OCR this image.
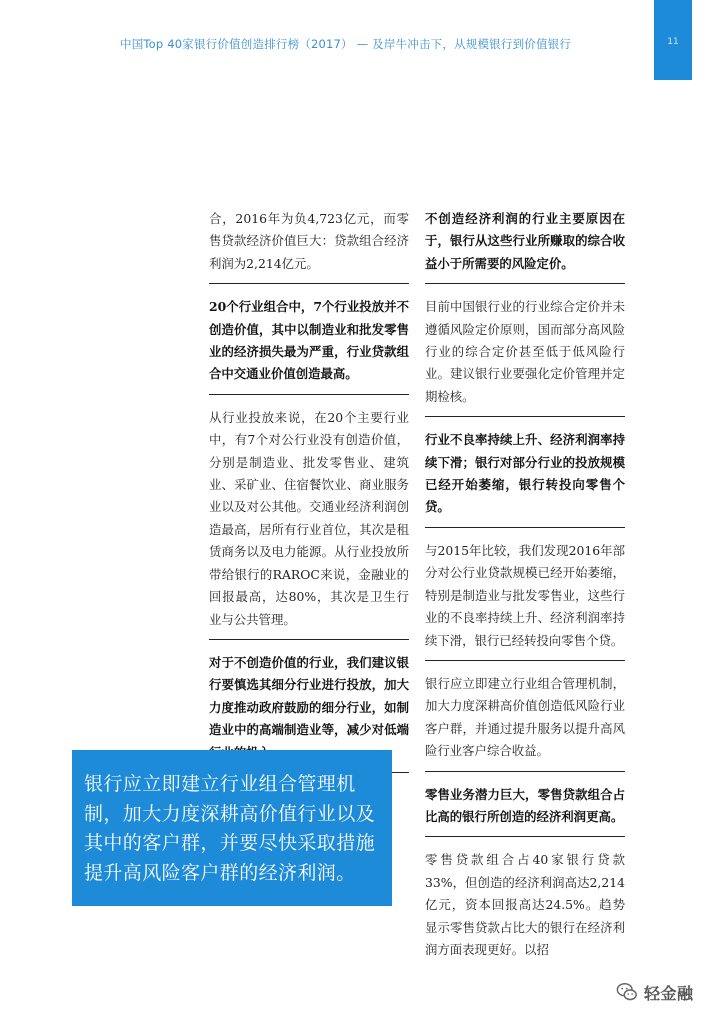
中国Top 40家银行价值创造排行榜（2017） — 及岸牛冲击下，从规模银行到价值银行	11
合，2016年为负4,723亿元，而零售贷款经济价值巨大：贷款组合经济利润为2,214亿元。
20个行业组合中，7个行业投放并不创造价值，其中以制造业和批发零售业的经济损失最为严重，行业贷款组合中交通业价值创造最高。
从行业投放来说，在20个主要行业中，有7个对公行业没有创造价值，分别是制造业、批发零售业、建筑业、采矿业、住宿餐饮业、商业服务业以及对公其他。交通业经济利润创造最高，居所有行业首位，其次是租赁商务以及电力能源。从行业投放所带给银行的RAROC来说，金融业的回报最高，达80%，其次是卫生行业与公共管理。
对于不创造价值的行业，我们建议银行要慎选其细分行业进行投放，加大力度推动政府鼓励的细分行业，如制造业中的高端制造业等，减少对低端
不创造经济利润的行业主要原因在于，银行从这些行业所赚取的综合收益小于所需要的风险定价。
目前中国银行业的行业综合定价并未遵循风险定价原则，国而部分高风险行业的综合定价甚至低于低风险行业。建议银行业要强化定价管理并定期检核。
行业不良率持续上升、经济利润率持续下滑；银行对部分行业的投放规模已经开始萎缩，银行转投向零售个贷。
与2015年比较，我们发现2016年部分对公行业贷款规模已经开始萎缩，特别是制造业与批发零售业，这些行业的不良率持续上升、经济利润率持续下滑，银行已经转投向零售个贷。
银行应立即建立行业组合管理机制，加大力度深耕高价值创造低风险行业客户群，并通过提升服务以提升高风险行业客户综合收益。
零售业务潜力巨大，零售贷款组合占比高的银行所创造的经济利润更高。
零售贷款组合占40家银行贷款33%，但创造的经济利润高达2,214亿元，资本回报高达24.5%。趋势显示零售贷款占比大的银行在经济利润方面表现更好。以招
银行应立即建立行业组合管理机制，加大力度深耕高价值行业以及其中的客户群，并要尽快采取措施提升高风险客户群的经济利润。
轻金融
